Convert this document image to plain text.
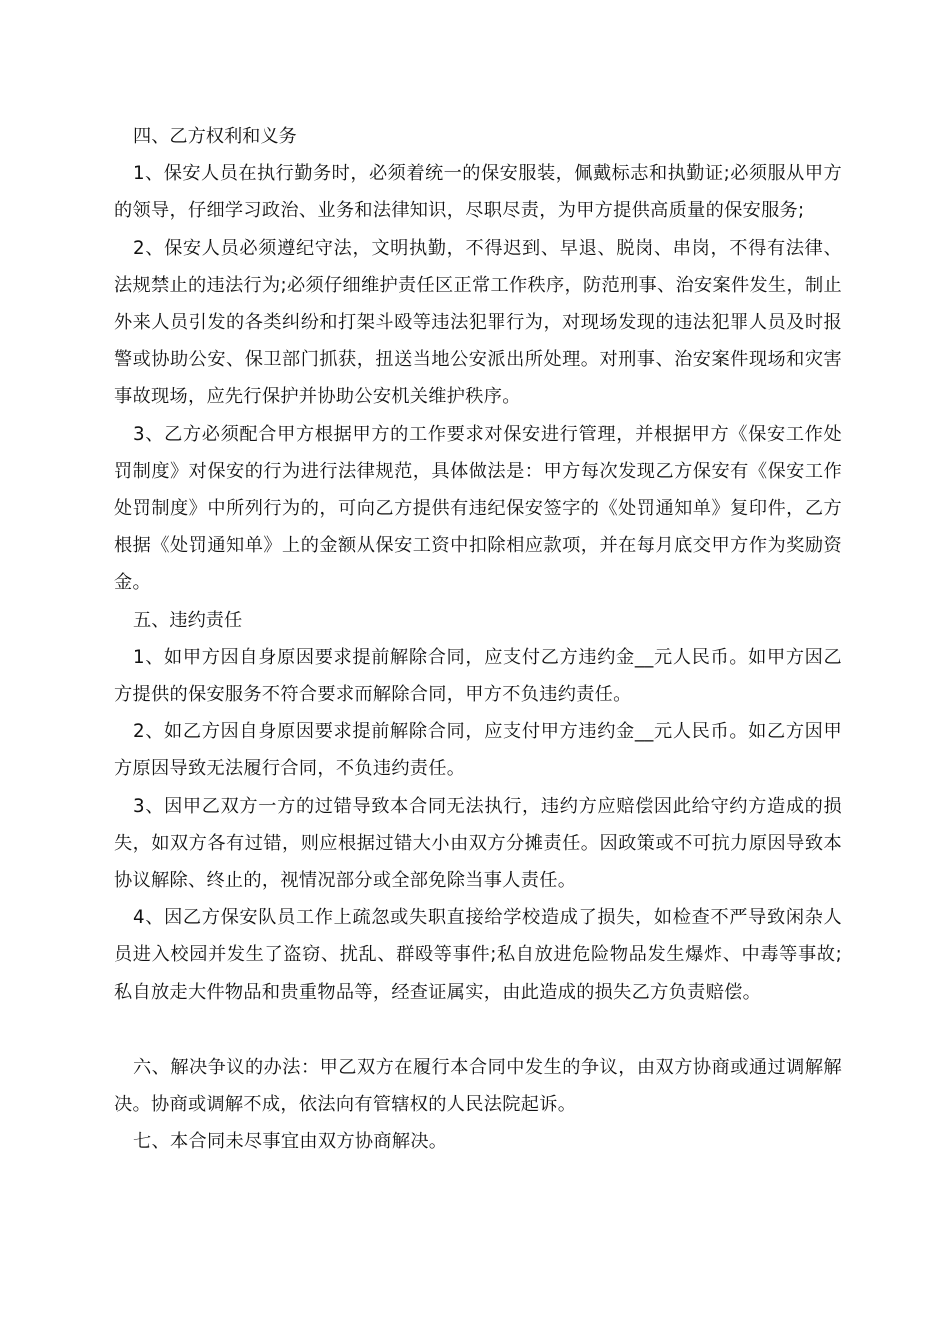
四、乙方权利和义务

1、保安人员在执行勤务时，必须着统一的保安服装，佩戴标志和执勤证;必须服从甲方的领导，仔细学习政治、业务和法律知识，尽职尽责，为甲方提供高质量的保安服务;

2、保安人员必须遵纪守法，文明执勤，不得迟到、早退、脱岗、串岗，不得有法律、法规禁止的违法行为;必须仔细维护责任区正常工作秩序，防范刑事、治安案件发生，制止外来人员引发的各类纠纷和打架斗殴等违法犯罪行为，对现场发现的违法犯罪人员及时报警或协助公安、保卫部门抓获，扭送当地公安派出所处理。对刑事、治安案件现场和灾害事故现场，应先行保护并协助公安机关维护秩序。

3、乙方必须配合甲方根据甲方的工作要求对保安进行管理，并根据甲方《保安工作处罚制度》对保安的行为进行法律规范，具体做法是：甲方每次发现乙方保安有《保安工作处罚制度》中所列行为的，可向乙方提供有违纪保安签字的《处罚通知单》复印件，乙方根据《处罚通知单》上的金额从保安工资中扣除相应款项，并在每月底交甲方作为奖励资金。

五、违约责任

1、如甲方因自身原因要求提前解除合同，应支付乙方违约金__元人民币。如甲方因乙方提供的保安服务不符合要求而解除合同，甲方不负违约责任。

2、如乙方因自身原因要求提前解除合同，应支付甲方违约金__元人民币。如乙方因甲方原因导致无法履行合同，不负违约责任。

3、因甲乙双方一方的过错导致本合同无法执行，违约方应赔偿因此给守约方造成的损失，如双方各有过错，则应根据过错大小由双方分摊责任。因政策或不可抗力原因导致本协议解除、终止的，视情况部分或全部免除当事人责任。

4、因乙方保安队员工作上疏忽或失职直接给学校造成了损失，如检查不严导致闲杂人员进入校园并发生了盗窃、扰乱、群殴等事件;私自放进危险物品发生爆炸、中毒等事故;私自放走大件物品和贵重物品等，经查证属实，由此造成的损失乙方负责赔偿。

六、解决争议的办法：甲乙双方在履行本合同中发生的争议，由双方协商或通过调解解决。协商或调解不成，依法向有管辖权的人民法院起诉。

七、本合同未尽事宜由双方协商解决。
